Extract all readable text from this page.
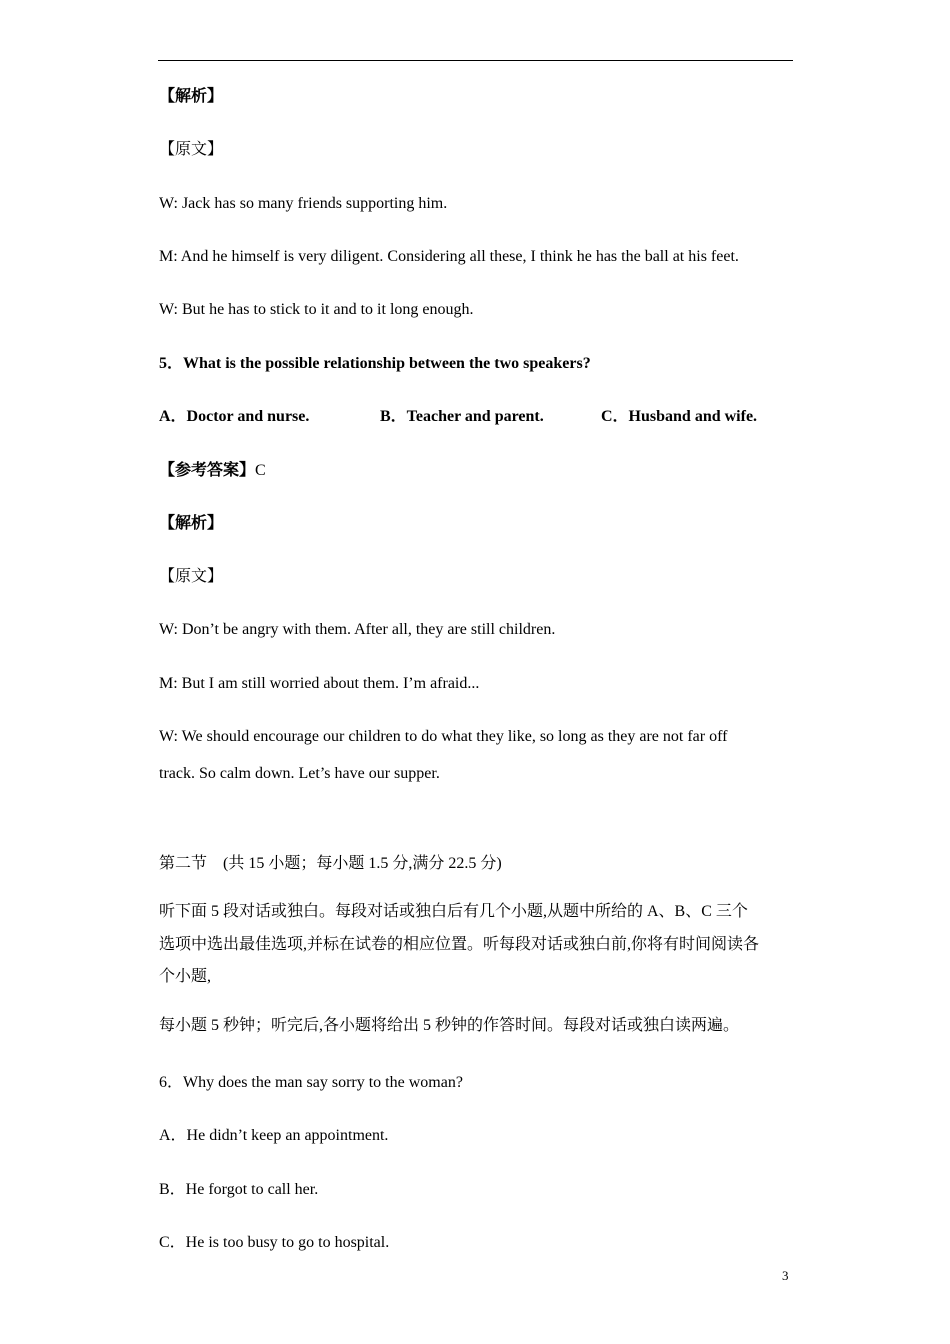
【解析】
【原文】
W: Jack has so many friends supporting him.
M: And he himself is very diligent. Considering all these, I think he has the ball at his feet.
W: But he has to stick to it and to it long enough.
5．What is the possible relationship between the two speakers?
A．Doctor and nurse.	B．Teacher and parent.	C．Husband and wife.
【参考答案】C
【解析】
【原文】
W: Don’t be angry with them. After all, they are still children.
M: But I am still worried about them. I’m afraid...
W: We should encourage our children to do what they like, so long as they are not far off
track. So calm down. Let’s have our supper.
第二节　(共 15 小题；每小题 1.5 分,满分 22.5 分)
听下面 5 段对话或独白。每段对话或独白后有几个小题,从题中所给的 A、B、C 三个
选项中选出最佳选项,并标在试卷的相应位置。听每段对话或独白前,你将有时间阅读各
个小题,
每小题 5 秒钟；听完后,各小题将给出 5 秒钟的作答时间。每段对话或独白读两遍。
6．Why does the man say sorry to the woman?
A．He didn’t keep an appointment.
B．He forgot to call her.
C．He is too busy to go to hospital.
3
